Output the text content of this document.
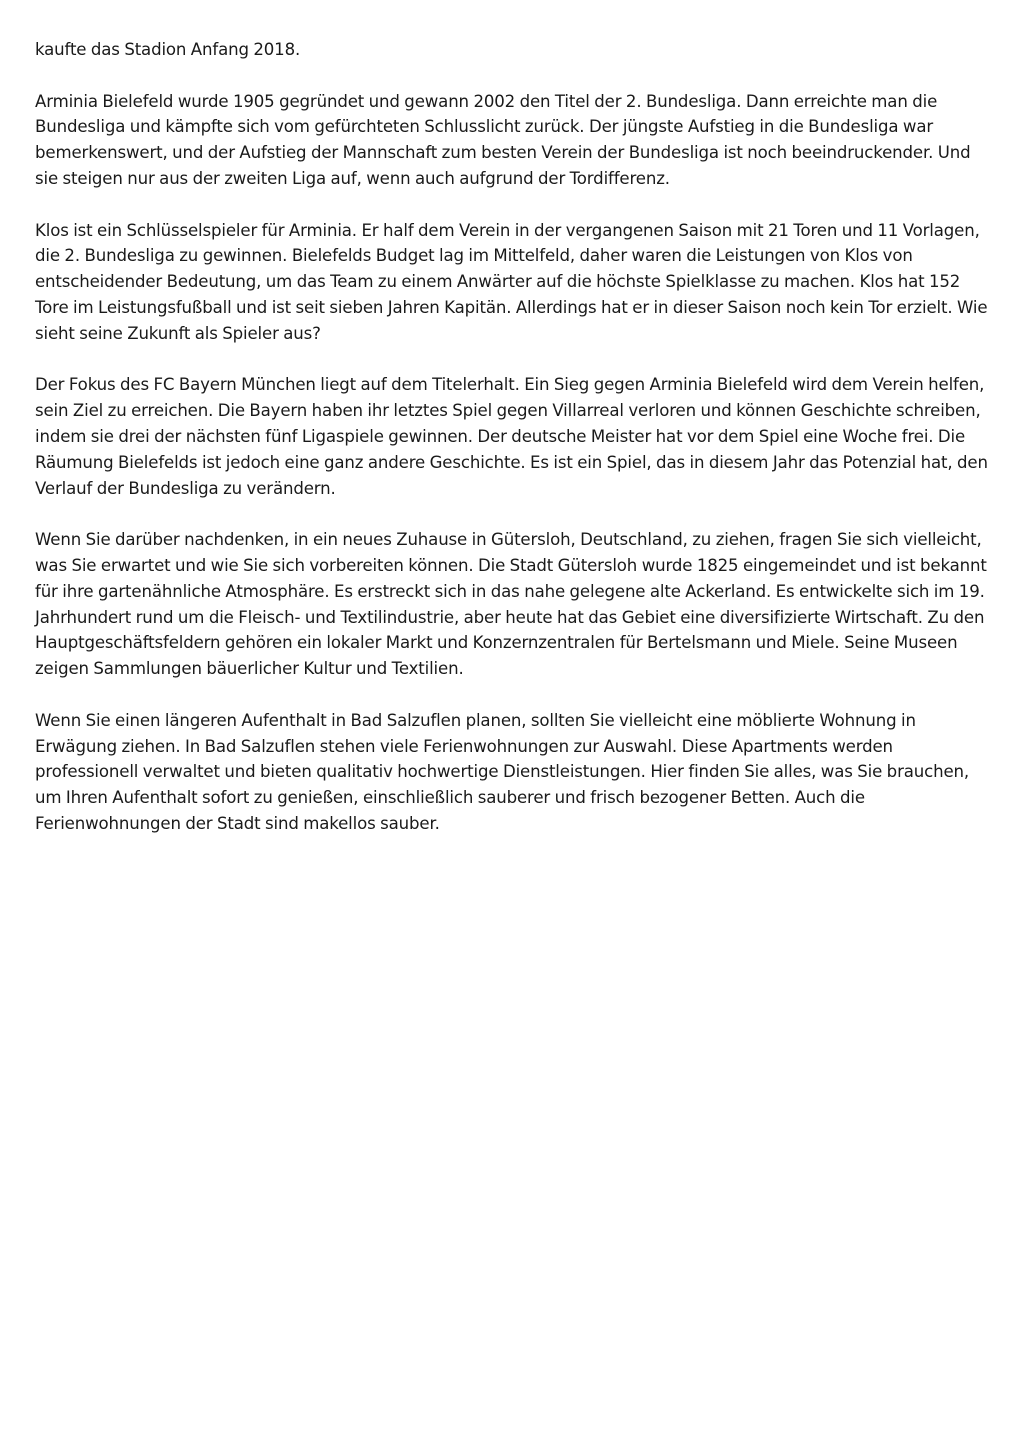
kaufte das Stadion Anfang 2018.

Arminia Bielefeld wurde 1905 gegründet und gewann 2002 den Titel der 2. Bundesliga. Dann erreichte man die Bundesliga und kämpfte sich vom gefürchteten Schlusslicht zurück. Der jüngste Aufstieg in die Bundesliga war bemerkenswert, und der Aufstieg der Mannschaft zum besten Verein der Bundesliga ist noch beeindruckender. Und sie steigen nur aus der zweiten Liga auf, wenn auch aufgrund der Tordifferenz.

Klos ist ein Schlüsselspieler für Arminia. Er half dem Verein in der vergangenen Saison mit 21 Toren und 11 Vorlagen, die 2. Bundesliga zu gewinnen. Bielefelds Budget lag im Mittelfeld, daher waren die Leistungen von Klos von entscheidender Bedeutung, um das Team zu einem Anwärter auf die höchste Spielklasse zu machen. Klos hat 152 Tore im Leistungsfußball und ist seit sieben Jahren Kapitän. Allerdings hat er in dieser Saison noch kein Tor erzielt. Wie sieht seine Zukunft als Spieler aus?

Der Fokus des FC Bayern München liegt auf dem Titelerhalt. Ein Sieg gegen Arminia Bielefeld wird dem Verein helfen, sein Ziel zu erreichen. Die Bayern haben ihr letztes Spiel gegen Villarreal verloren und können Geschichte schreiben, indem sie drei der nächsten fünf Ligaspiele gewinnen. Der deutsche Meister hat vor dem Spiel eine Woche frei. Die Räumung Bielefelds ist jedoch eine ganz andere Geschichte. Es ist ein Spiel, das in diesem Jahr das Potenzial hat, den Verlauf der Bundesliga zu verändern.

Wenn Sie darüber nachdenken, in ein neues Zuhause in Gütersloh, Deutschland, zu ziehen, fragen Sie sich vielleicht, was Sie erwartet und wie Sie sich vorbereiten können. Die Stadt Gütersloh wurde 1825 eingemeindet und ist bekannt für ihre gartenähnliche Atmosphäre. Es erstreckt sich in das nahe gelegene alte Ackerland. Es entwickelte sich im 19. Jahrhundert rund um die Fleisch- und Textilindustrie, aber heute hat das Gebiet eine diversifizierte Wirtschaft. Zu den Hauptgeschäftsfeldern gehören ein lokaler Markt und Konzernzentralen für Bertelsmann und Miele. Seine Museen zeigen Sammlungen bäuerlicher Kultur und Textilien.

Wenn Sie einen längeren Aufenthalt in Bad Salzuflen planen, sollten Sie vielleicht eine möblierte Wohnung in Erwägung ziehen. In Bad Salzuflen stehen viele Ferienwohnungen zur Auswahl. Diese Apartments werden professionell verwaltet und bieten qualitativ hochwertige Dienstleistungen. Hier finden Sie alles, was Sie brauchen, um Ihren Aufenthalt sofort zu genießen, einschließlich sauberer und frisch bezogener Betten. Auch die Ferienwohnungen der Stadt sind makellos sauber.
